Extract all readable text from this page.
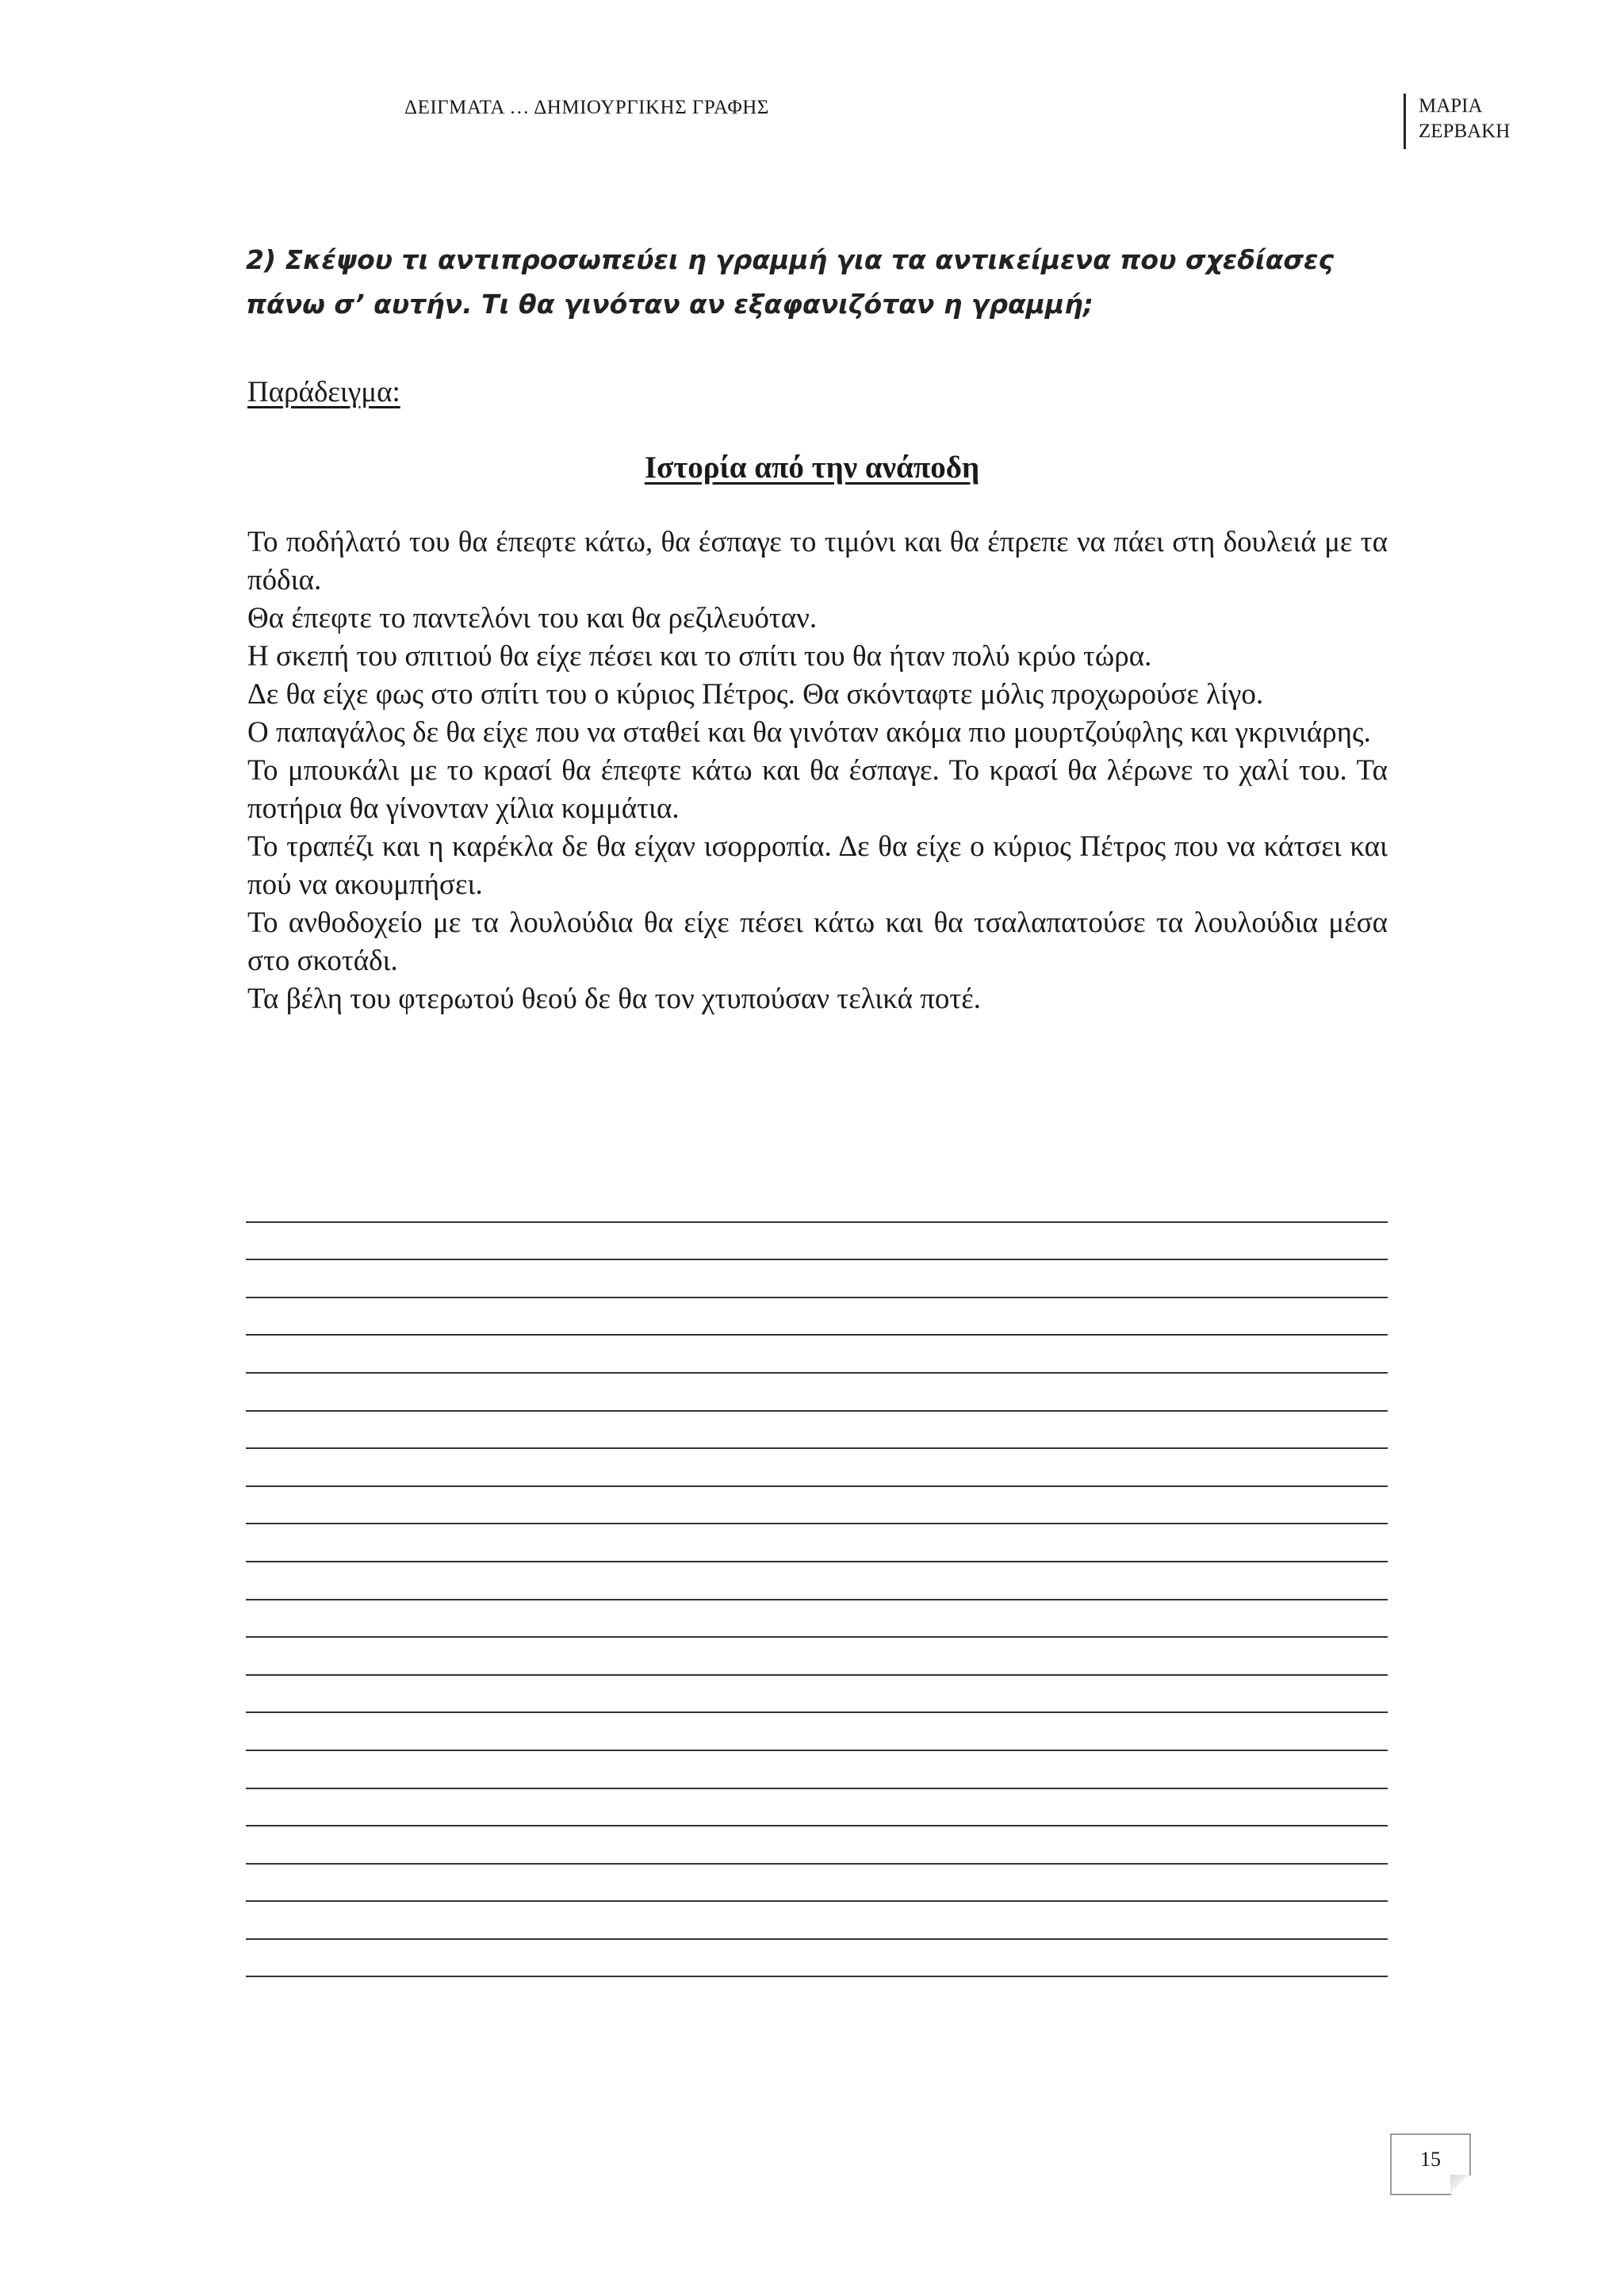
ΔΕΙΓΜΑΤΑ … ΔΗΜΙΟΥΡΓΙΚΗΣ ΓΡΑΦΗΣ	ΜΑΡΙΑ
ΖΕΡΒΑΚΗ
2) Σκέψου τι αντιπροσωπεύει η γραμμή για τα αντικείμενα που σχεδίασες
πάνω σ’ αυτήν. Τι θα γινόταν αν εξαφανιζόταν η γραμμή;
Παράδειγμα:
Ιστορία από την ανάποδη

Το ποδήλατό του θα έπεφτε κάτω, θα έσπαγε το τιμόνι και θα έπρεπε να πάει στη δουλειά με τα πόδια.

Θα έπεφτε το παντελόνι του και θα ρεζιλευόταν.

Η σκεπή του σπιτιού θα είχε πέσει και το σπίτι του θα ήταν πολύ κρύο τώρα.

Δε θα είχε φως στο σπίτι του ο κύριος Πέτρος. Θα σκόνταφτε μόλις προχωρούσε λίγο.

Ο παπαγάλος δε θα είχε που να σταθεί και θα γινόταν ακόμα πιο μουρτζούφλης και γκρινιάρης.

Το μπουκάλι με το κρασί θα έπεφτε κάτω και θα έσπαγε. Το κρασί θα λέρωνε το χαλί του. Τα ποτήρια θα γίνονταν χίλια κομμάτια.

Το τραπέζι και η καρέκλα δε θα είχαν ισορροπία. Δε θα είχε ο κύριος Πέτρος που να κάτσει και πού να ακουμπήσει.

Το ανθοδοχείο με τα λουλούδια θα είχε πέσει κάτω και θα τσαλαπατούσε τα λουλούδια μέσα στο σκοτάδι.

Τα βέλη του φτερωτού θεού δε θα τον χτυπούσαν τελικά ποτέ.

15
